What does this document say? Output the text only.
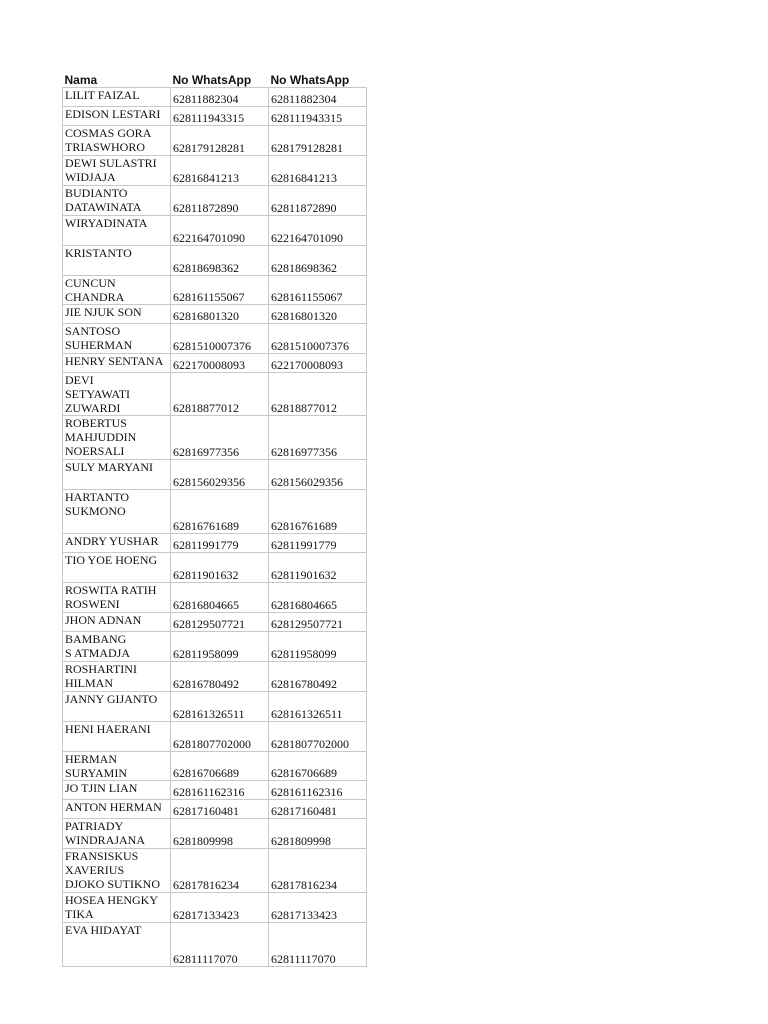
Nama	No WhatsApp	No WhatsApp
LILIT FAIZAL	62811882304	62811882304
EDISON LESTARI	628111943315	628111943315
COSMAS GORA
TRIASWHORO	628179128281	628179128281
DEWI SULASTRI
WIDJAJA	62816841213	62816841213
BUDIANTO
DATAWINATA	62811872890	62811872890
WIRYADINATA	622164701090	622164701090
KRISTANTO	62818698362	62818698362
CUNCUN
CHANDRA	628161155067	628161155067
JIE NJUK SON	62816801320	62816801320
SANTOSO
SUHERMAN	6281510007376	6281510007376
HENRY SENTANA	622170008093	622170008093
DEVI
SETYAWATI
ZUWARDI	62818877012	62818877012
ROBERTUS
MAHJUDDIN
NOERSALI	62816977356	62816977356
SULY MARYANI	628156029356	628156029356
HARTANTO
SUKMONO	62816761689	62816761689
ANDRY YUSHAR	62811991779	62811991779
TIO YOE HOENG	62811901632	62811901632
ROSWITA RATIH
ROSWENI	62816804665	62816804665
JHON ADNAN	628129507721	628129507721
BAMBANG
S ATMADJA	62811958099	62811958099
ROSHARTINI
HILMAN	62816780492	62816780492
JANNY GIJANTO	628161326511	628161326511
HENI HAERANI	6281807702000	6281807702000
HERMAN
SURYAMIN	62816706689	62816706689
JO TJIN LIAN	628161162316	628161162316
ANTON HERMAN	62817160481	62817160481
PATRIADY
WINDRAJANA	6281809998	6281809998
FRANSISKUS
XAVERIUS
DJOKO SUTIKNO	62817816234	62817816234
HOSEA HENGKY
TIKA	62817133423	62817133423
EVA HIDAYAT	62811117070	62811117070
